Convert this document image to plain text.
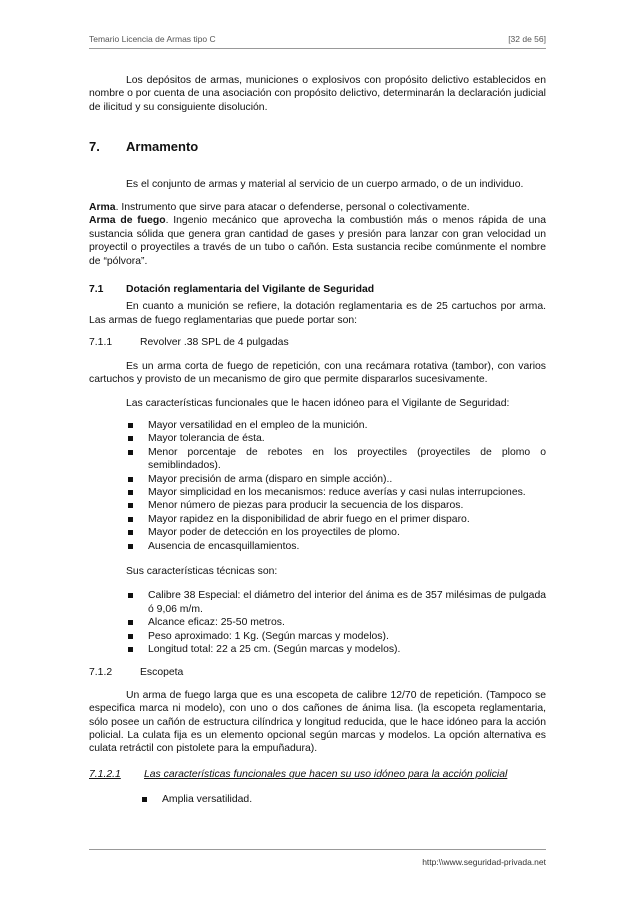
Temario Licencia de Armas tipo C	[32 de 56]

Los depósitos de armas, municiones o explosivos con propósito delictivo establecidos en nombre o por cuenta de una asociación con propósito delictivo, determinarán la declaración judicial de ilicitud y su consiguiente disolución.

7.	Armamento

Es el conjunto de armas y material al servicio de un cuerpo armado, o de un individuo.

Arma. Instrumento que sirve para atacar o defenderse, personal o colectivamente.

Arma de fuego. Ingenio mecánico que aprovecha la combustión más o menos rápida de una sustancia sólida que genera gran cantidad de gases y presión para lanzar con gran velocidad un proyectil o proyectiles a través de un tubo o cañón. Esta sustancia recibe comúnmente el nombre de “pólvora”.

7.1	Dotación reglamentaria del Vigilante de Seguridad

En cuanto a munición se refiere, la dotación reglamentaria es de 25 cartuchos por arma. Las armas de fuego reglamentarias que puede portar son:

7.1.1	Revolver .38 SPL de 4 pulgadas

Es un arma corta de fuego de repetición, con una recámara rotativa (tambor), con varios cartuchos y provisto de un mecanismo de giro que permite dispararlos sucesivamente.

Las características funcionales que le hacen idóneo para el Vigilante de Seguridad:

Mayor versatilidad en el empleo de la munición.
Mayor tolerancia de ésta.
Menor porcentaje de rebotes en los proyectiles (proyectiles de plomo o semiblindados).
Mayor precisión de arma (disparo en simple acción)..
Mayor simplicidad en los mecanismos: reduce averías y casi nulas interrupciones.
Menor número de piezas para producir la secuencia de los disparos.
Mayor rapidez en la disponibilidad de abrir fuego en el primer disparo.
Mayor poder de detección en los proyectiles de plomo.
Ausencia de encasquillamientos.

Sus características técnicas son:

Calibre 38 Especial: el diámetro del interior del ánima es de 357 milésimas de pulgada ó 9,06 m/m.
Alcance eficaz: 25-50 metros.
Peso aproximado: 1 Kg. (Según marcas y modelos).
Longitud total: 22 a 25 cm. (Según marcas y modelos).
7.1.2	Escopeta

Un arma de fuego larga que es una escopeta de calibre 12/70 de repetición. (Tampoco se especifica marca ni modelo), con uno o dos cañones de ánima lisa. (la escopeta reglamentaria, sólo posee un cañón de estructura cilíndrica y longitud reducida, que le hace idóneo para la acción policial. La culata fija es un elemento opcional según marcas y modelos. La opción alternativa es culata retráctil con pistolete para la empuñadura).

7.1.2.1	Las características funcionales que hacen su uso idóneo para la acción policial
Amplia versatilidad.
http:\\www.seguridad-privada.net
